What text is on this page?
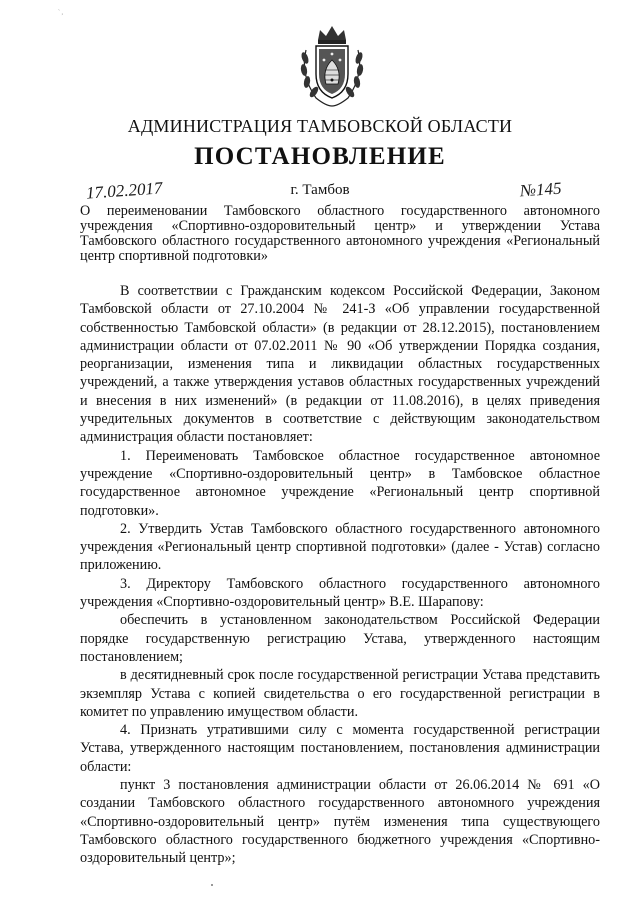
` ,
АДМИНИСТРАЦИЯ ТАМБОВСКОЙ ОБЛАСТИ
ПОСТАНОВЛЕНИЕ
17.02.2017	г. Тамбов	№145
О переименовании Тамбовского областного государственного автономного учреждения «Спортивно-оздоровительный центр» и утверждении Устава Тамбовского областного государственного автономного учреждения «Региональный центр спортивной подготовки»

В соответствии с Гражданским кодексом Российской Федерации, Законом Тамбовской области от 27.10.2004 № 241-З «Об управлении государственной собственностью Тамбовской области» (в редакции от 28.12.2015), постановлением администрации области от 07.02.2011 № 90 «Об утверждении Порядка создания, реорганизации, изменения типа и ликвидации областных государственных учреждений, а также утверждения уставов областных государственных учреждений и внесения в них изменений» (в редакции от 11.08.2016), в целях приведения учредительных документов в соответствие с действующим законодательством администрация области постановляет:

1. Переименовать Тамбовское областное государственное автономное учреждение «Спортивно-оздоровительный центр» в Тамбовское областное государственное автономное учреждение «Региональный центр спортивной подготовки».

2. Утвердить Устав Тамбовского областного государственного автономного учреждения «Региональный центр спортивной подготовки» (далее - Устав) согласно приложению.

3. Директору Тамбовского областного государственного автономного учреждения «Спортивно-оздоровительный центр» В.Е. Шарапову:

обеспечить в установленном законодательством Российской Федерации порядке государственную регистрацию Устава, утвержденного настоящим постановлением;

в десятидневный срок после государственной регистрации Устава представить экземпляр Устава с копией свидетельства о его государственной регистрации в комитет по управлению имуществом области.

4. Признать утратившими силу с момента государственной регистрации Устава, утвержденного настоящим постановлением, постановления администрации области:

пункт 3 постановления администрации области от 26.06.2014 № 691 «О создании Тамбовского областного государственного автономного учреждения «Спортивно-оздоровительный центр» путём изменения типа существующего Тамбовского областного государственного бюджетного учреждения «Спортивно-оздоровительный центр»;
